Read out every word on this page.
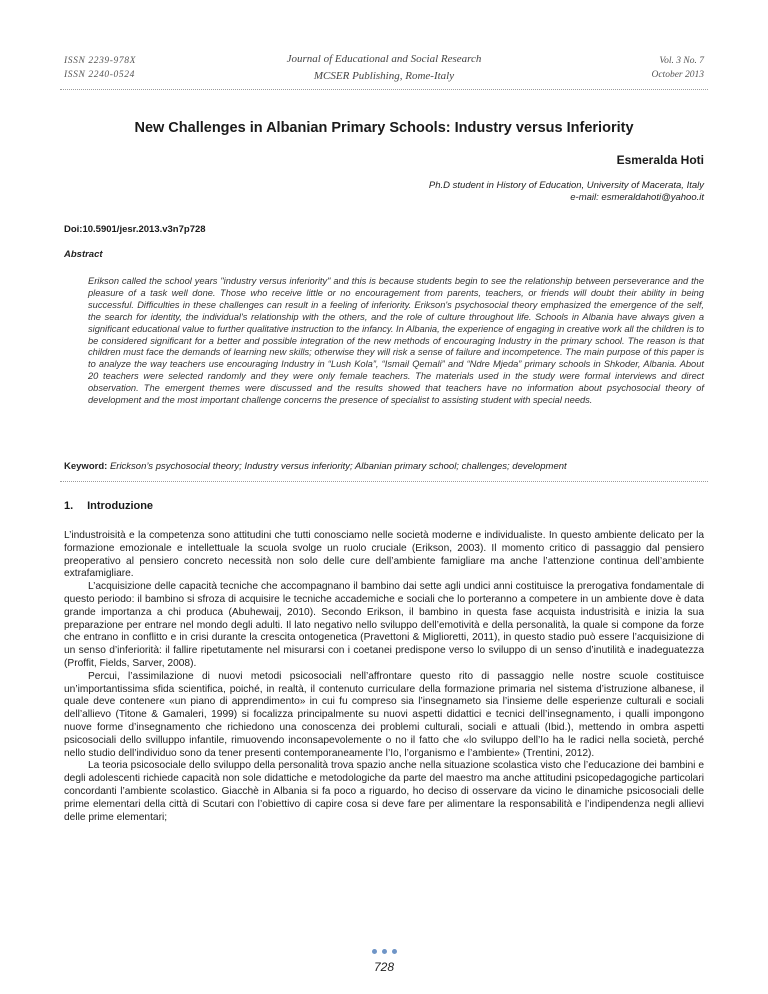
ISSN 2239-978X
ISSN 2240-0524
Journal of Educational and Social Research
MCSER Publishing, Rome-Italy
Vol. 3 No. 7
October 2013
New Challenges in Albanian Primary Schools: Industry versus Inferiority
Esmeralda Hoti
Ph.D student in History of Education, University of Macerata, Italy
e-mail: esmeraldahoti@yahoo.it
Doi:10.5901/jesr.2013.v3n7p728
Abstract
Erikson called the school years "industry versus inferiority" and this is because students begin to see the relationship between perseverance and the pleasure of a task well done. Those who receive little or no encouragement from parents, teachers, or friends will doubt their ability in being successful. Difficulties in these challenges can result in a feeling of inferiority. Erikson's psychosocial theory emphasized the emergence of the self, the search for identity, the individual's relationship with the others, and the role of culture throughout life. Schools in Albania have always given a significant educational value to further qualitative instruction to the infancy. In Albania, the experience of engaging in creative work all the children is to be considered significant for a better and possible integration of the new methods of encouraging Industry in the primary school. The reason is that children must face the demands of learning new skills; otherwise they will risk a sense of failure and incompetence. The main purpose of this paper is to analyze the way teachers use encouraging Industry in “Lush Kola”, “Ismail Qemali” and “Ndre Mjeda” primary schools in Shkoder, Albania. About 20 teachers were selected randomly and they were only female teachers. The materials used in the study were formal interviews and direct observation. The emergent themes were discussed and the results showed that teachers have no information about psychosocial theory of development and the most important challenge concerns the presence of specialist to assisting student with special needs.
Keyword: Erickson’s psychosocial theory; Industry versus inferiority; Albanian primary school; challenges; development
1. Introduzione

L’industroisità e la competenza sono attitudini che tutti conosciamo nelle società moderne e individualiste. In questo ambiente delicato per la formazione emozionale e intellettuale la scuola svolge un ruolo cruciale (Erikson, 2003). Il momento critico di passaggio dal pensiero preoperativo al pensiero concreto necessità non solo delle cure dell’ambiente famigliare ma anche l’attenzione continua dell’ambiente extrafamigliare.

L’acquisizione delle capacità tecniche che accompagnano il bambino dai sette agli undici anni costituisce la prerogativa fondamentale di questo periodo: il bambino si sfroza di acquisire le tecniche accademiche e sociali che lo porteranno a competere in un ambiente dove è data grande importanza a chi produca (Abuhewaij, 2010). Secondo Erikson, il bambino in questa fase acquista industrisità e inizia la sua preparazione per entrare nel mondo degli adulti. Il lato negativo nello sviluppo dell’emotività e della personalità, la quale si compone da forze che entrano in conflitto e in crisi durante la crescita ontogenetica (Pravettoni & Miglioretti, 2011), in questo stadio può essere l’acquisizione di un senso d’inferiorità: il fallire ripetutamente nel misurarsi con i coetanei predispone verso lo sviluppo di un senso d’inutilità e inadeguatezza (Proffit, Fields, Sarver, 2008).

Percui, l’assimilazione di nuovi metodi psicosociali nell’affrontare questo rito di passaggio nelle nostre scuole costituisce un’importantissima sfida scientifica, poiché, in realtà, il contenuto curriculare della formazione primaria nel sistema d’istruzione albanese, il quale deve contenere «un piano di apprendimento» in cui fu compreso sia l’insegnameto sia l’insieme delle esperienze culturali e sociali dell’allievo (Titone & Gamaleri, 1999) si focalizza principalmente su nuovi aspetti didattici e tecnici dell’insegnamento, i qualli impongono nuove forme d’insegnamento che richiedono una conoscenza dei problemi culturali, sociali e attuali (Ibid.), mettendo in ombra aspetti psicosociali dello svilluppo infantile, rimuovendo inconsapevolemente o no il fatto che «lo sviluppo dell’Io ha le radici nella società, perché nello studio dell’individuo sono da tener presenti contemporaneamente l’Io, l’organismo e l’ambiente» (Trentini, 2012).

La teoria psicosociale dello sviluppo della personalità trova spazio anche nella situazione scolastica visto che l’educazione dei bambini e degli adolescenti richiede capacità non sole didattiche e metodologiche da parte del maestro ma anche attitudini psicopedagogiche particolari concordanti l’ambiente scolastico. Giacchè in Albania si fa poco a riguardo, ho deciso di osservare da vicino le dinamiche psicosociali delle prime elementari della città di Scutari con l’obiettivo di capire cosa si deve fare per alimentare la responsabilità e l’indipendenza negli allievi delle prime elementari;

728
